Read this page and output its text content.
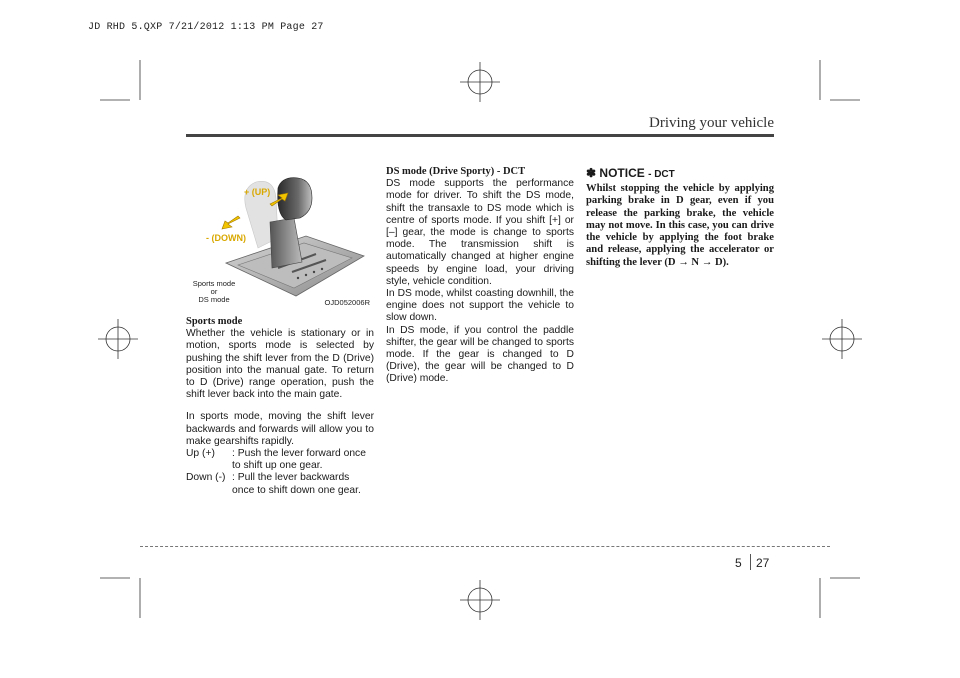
JD RHD 5.QXP 7/21/2012 1:13 PM Page 27
Driving your vehicle
+ (UP)
- (DOWN)
Sports mode
or
DS mode	OJD052006R

Sports mode

Whether the vehicle is stationary or in motion, sports mode is selected by pushing the shift lever from the D (Drive) position into the manual gate. To return to D (Drive) range operation, push the shift lever back into the main gate.

In sports mode, moving the shift lever backwards and forwards will allow you to make gearshifts rapidly.

Up (+)	: Push the lever forward once to shift up one gear.
Down (-) : Pull the lever backwards once to shift down one gear.

DS mode (Drive Sporty) - DCT

DS mode supports the performance mode for driver. To shift the DS mode, shift the transaxle to DS mode which is centre of sports mode. If you shift [+] or [–] gear, the mode is change to sports mode. The transmission shift is automatically changed at higher engine speeds by engine load, your driving style, vehicle condition.

In DS mode, whilst coasting downhill, the engine does not support the vehicle to slow down.

In DS mode, if you control the paddle shifter, the gear will be changed to sports mode. If the gear is changed to D (Drive), the gear will be changed to D (Drive) mode.

✽ NOTICE - DCT
Whilst stopping the vehicle by applying parking brake in D gear, even if you release the parking brake, the vehicle may not move. In this case, you can drive the vehicle by applying the foot brake and release, applying the accelerator or shifting the lever (D → N → D).
5 27
